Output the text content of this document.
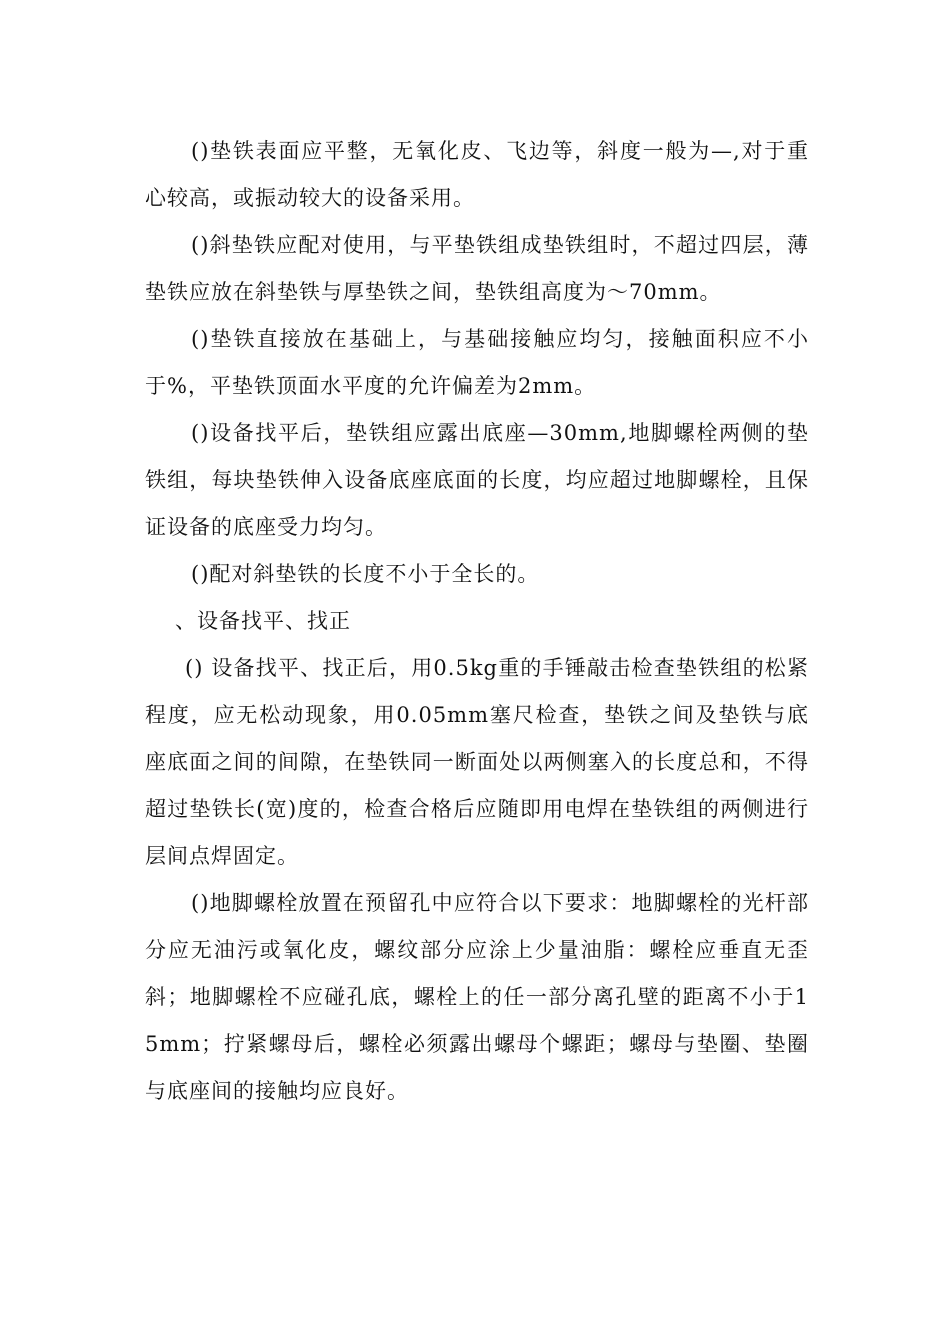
()垫铁表面应平整，无氧化皮、飞边等，斜度一般为—,对于重心较高，或振动较大的设备采用。

()斜垫铁应配对使用，与平垫铁组成垫铁组时，不超过四层，薄垫铁应放在斜垫铁与厚垫铁之间，垫铁组高度为～70mm。

()垫铁直接放在基础上，与基础接触应均匀，接触面积应不小于%，平垫铁顶面水平度的允许偏差为2mm。

()设备找平后，垫铁组应露出底座—30mm,地脚螺栓两侧的垫铁组，每块垫铁伸入设备底座底面的长度，均应超过地脚螺栓，且保证设备的底座受力均匀。

()配对斜垫铁的长度不小于全长的。

、设备找平、找正

() 设备找平、找正后，用0.5kg重的手锤敲击检查垫铁组的松紧程度，应无松动现象，用0.05mm塞尺检查，垫铁之间及垫铁与底座底面之间的间隙，在垫铁同一断面处以两侧塞入的长度总和，不得超过垫铁长(宽)度的，检查合格后应随即用电焊在垫铁组的两侧进行层间点焊固定。

()地脚螺栓放置在预留孔中应符合以下要求：地脚螺栓的光杆部分应无油污或氧化皮，螺纹部分应涂上少量油脂：螺栓应垂直无歪斜；地脚螺栓不应碰孔底，螺栓上的任一部分离孔壁的距离不小于15mm；拧紧螺母后，螺栓必须露出螺母个螺距；螺母与垫圈、垫圈与底座间的接触均应良好。
